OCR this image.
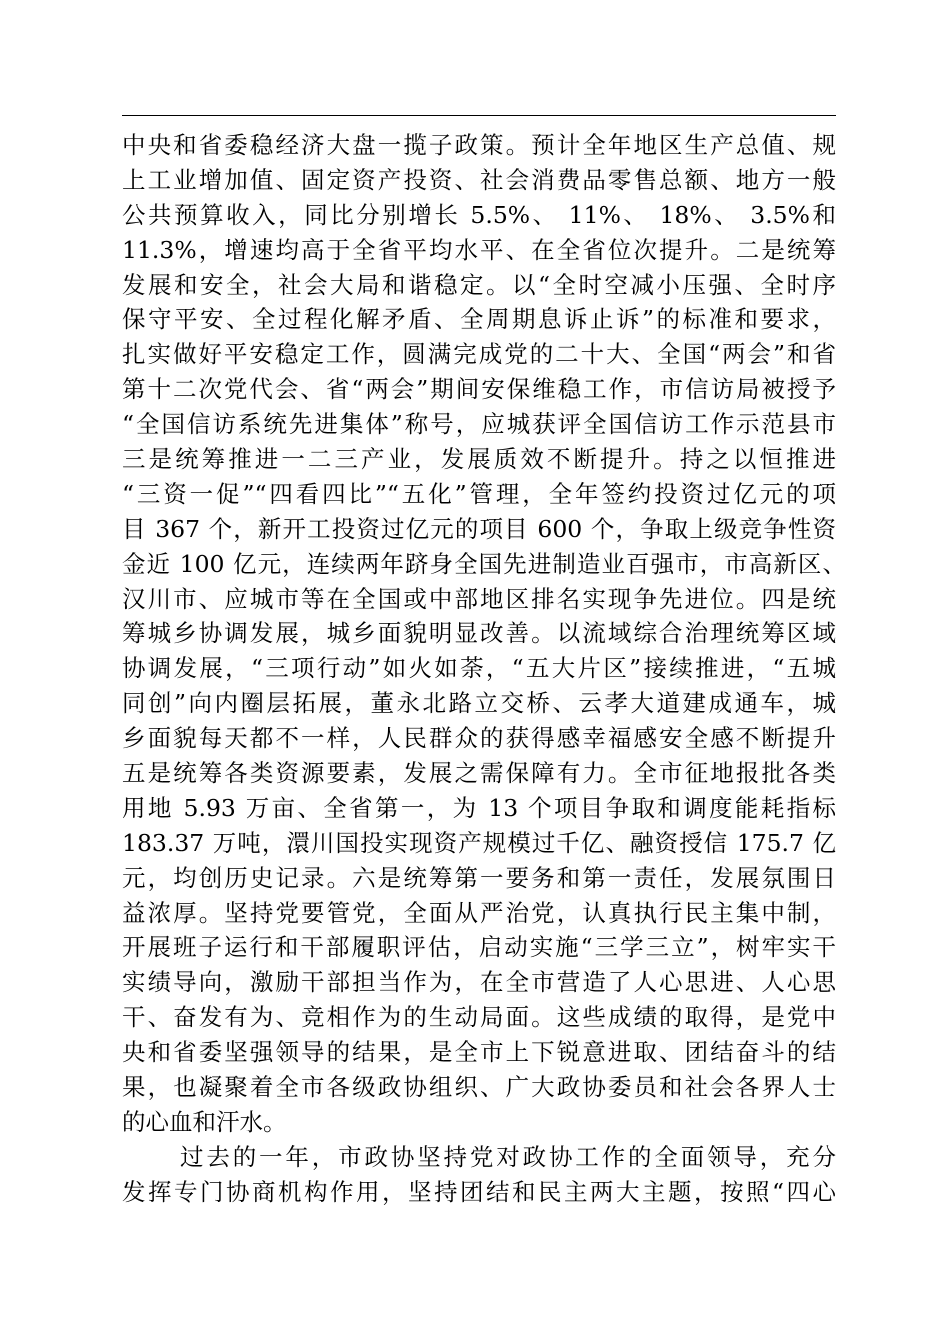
中央和省委稳经济大盘一揽子政策。预计全年地区生产总值、规
上工业增加值、固定资产投资、社会消费品零售总额、地方一般
公共预算收入，同比分别增长 5.5%、 11%、 18%、 3.5%和
11.3%，增速均高于全省平均水平、在全省位次提升。二是统筹
发展和安全，社会大局和谐稳定。以“全时空减小压强、全时序
保守平安、全过程化解矛盾、全周期息诉止诉”的标准和要求，
扎实做好平安稳定工作，圆满完成党的二十大、全国“两会”和省
第十二次党代会、省“两会”期间安保维稳工作，市信访局被授予
“全国信访系统先进集体”称号，应城获评全国信访工作示范县市
三是统筹推进一二三产业，发展质效不断提升。持之以恒推进
“三资一促”“四看四比”“五化”管理，全年签约投资过亿元的项
目 367 个，新开工投资过亿元的项目 600 个，争取上级竞争性资
金近 100 亿元，连续两年跻身全国先进制造业百强市，市高新区、
汉川市、应城市等在全国或中部地区排名实现争先进位。四是统
筹城乡协调发展，城乡面貌明显改善。以流域综合治理统筹区域
协调发展，“三项行动”如火如荼，“五大片区”接续推进，“五城
同创”向内圈层拓展，董永北路立交桥、云孝大道建成通车，城
乡面貌每天都不一样，人民群众的获得感幸福感安全感不断提升
五是统筹各类资源要素，发展之需保障有力。全市征地报批各类
用地 5.93 万亩、全省第一，为 13 个项目争取和调度能耗指标
183.37 万吨，澴川国投实现资产规模过千亿、融资授信 175.7 亿
元，均创历史记录。六是统筹第一要务和第一责任，发展氛围日
益浓厚。坚持党要管党，全面从严治党，认真执行民主集中制，
开展班子运行和干部履职评估，启动实施“三学三立”，树牢实干
实绩导向，激励干部担当作为，在全市营造了人心思进、人心思
干、奋发有为、竞相作为的生动局面。这些成绩的取得，是党中
央和省委坚强领导的结果，是全市上下锐意进取、团结奋斗的结
果，也凝聚着全市各级政协组织、广大政协委员和社会各界人士
的心血和汗水。
过去的一年，市政协坚持党对政协工作的全面领导，充分
发挥专门协商机构作用，坚持团结和民主两大主题，按照“四心
